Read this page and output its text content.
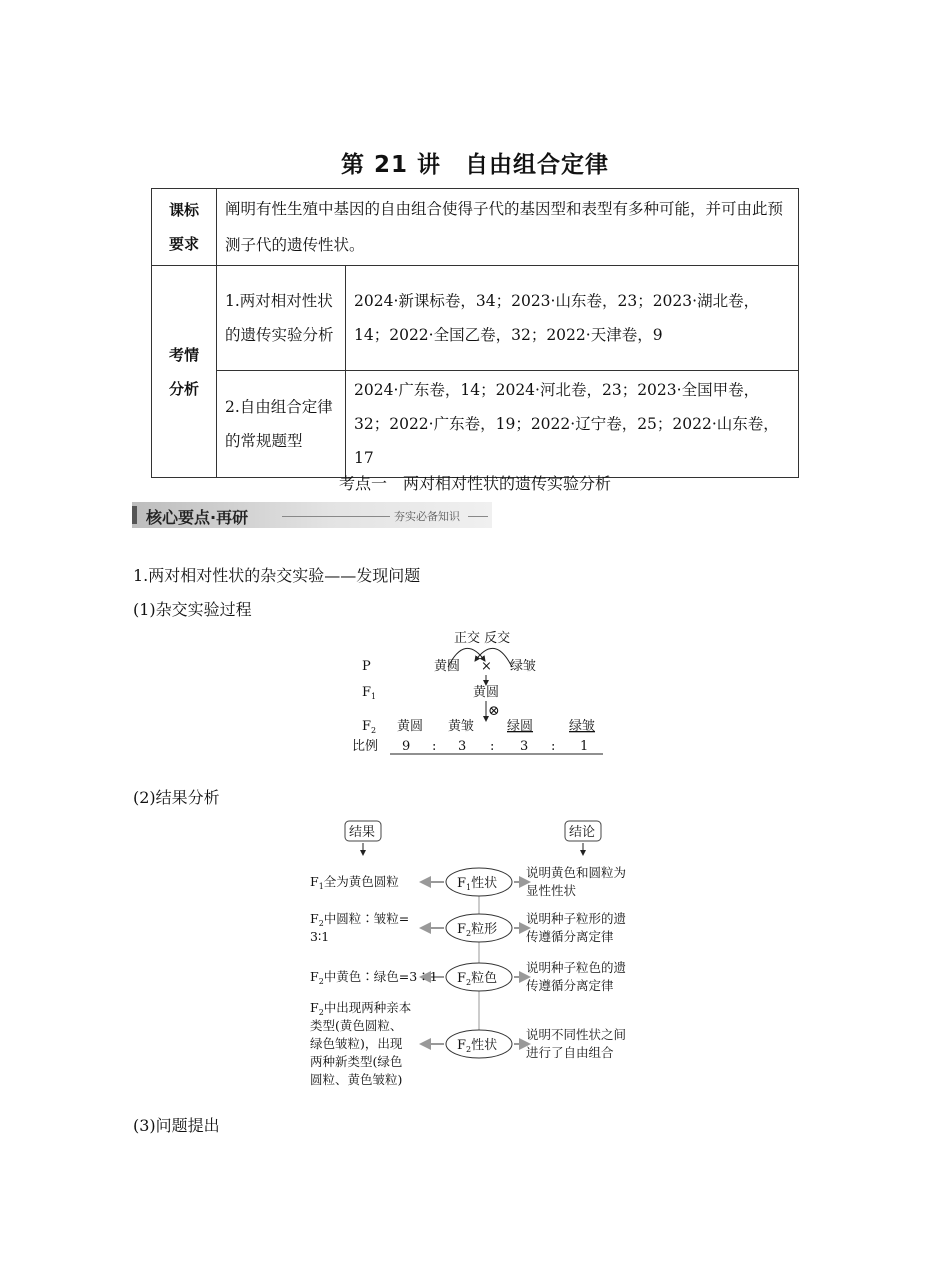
第 21 讲　自由组合定律
课标
要求	阐明有性生殖中基因的自由组合使得子代的基因型和表型有多种可能，并可由此预测子代的遗传性状。	

考情
分析	1.两对相对性状的遗传实验分析	2024·新课标卷，34；2023·山东卷，23；2023·湖北卷，14；2022·全国乙卷，32；2022·天津卷，9
	2.自由组合定律的常规题型	2024·广东卷，14；2024·河北卷，23；2023·全国甲卷，32；2022·广东卷，19；2022·辽宁卷，25；2022·山东卷，17
考点一　两对相对性状的遗传实验分析
核心要点·再研	夯实必备知识
1.两对相对性状的杂交实验——发现问题
(1)杂交实验过程
正交 反交
P	黄圆 × 绿皱
$F_1$	黄圆
⊗
$F_2$ 黄圆 黄皱	绿圆	绿皱
比例 9 : 3 : 3 : 1
(2)结果分析
结果	结论
$F_1$性状
$F_1$全为黄色圆粒
说明黄色和圆粒为
显性性状
$F_2$粒形
$F_2$中圆粒∶皱粒=
3∶1
说明种子粒形的遗
传遵循分离定律
$F_2$粒色
$F_2$中黄色∶绿色=3∶1
说明种子粒色的遗
传遵循分离定律
$F_2$性状
$F_2$中出现两种亲本
类型(黄色圆粒、
绿色皱粒)，出现
两种新类型(绿色
圆粒、黄色皱粒)
说明不同性状之间
进行了自由组合
(3)问题提出
